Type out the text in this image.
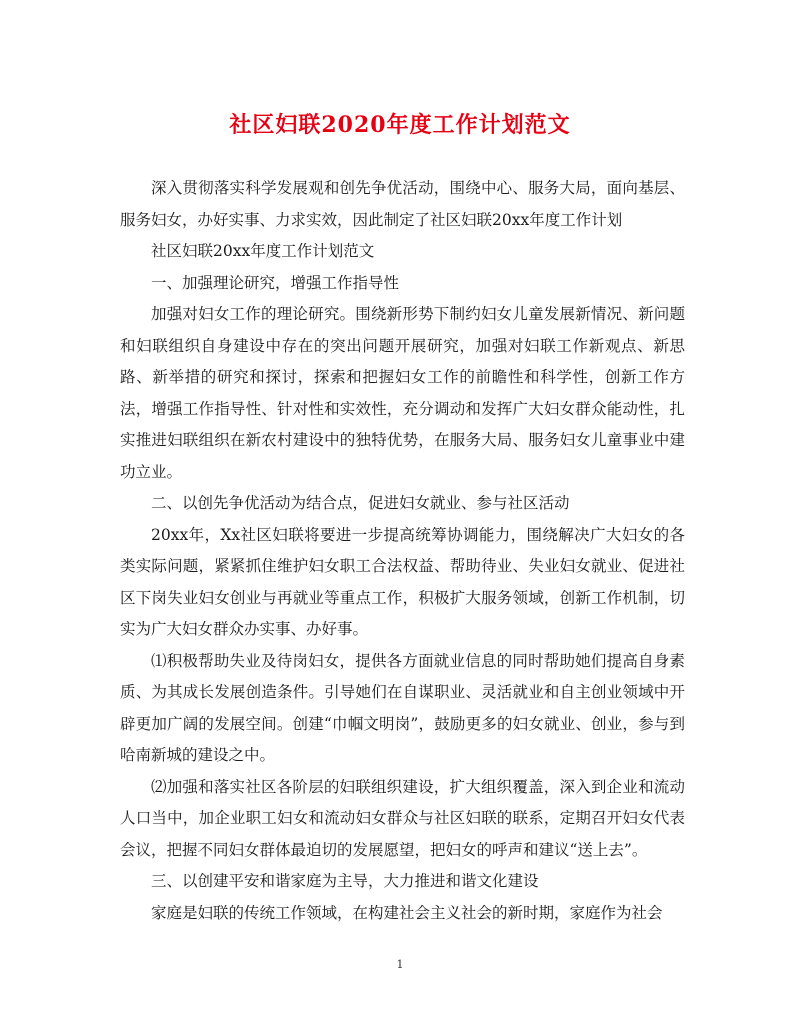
社区妇联2020年度工作计划范文

深入贯彻落实科学发展观和创先争优活动，围绕中心、服务大局，面向基层、服务妇女，办好实事、力求实效，因此制定了社区妇联20xx年度工作计划

社区妇联20xx年度工作计划范文

一、加强理论研究，增强工作指导性

加强对妇女工作的理论研究。围绕新形势下制约妇女儿童发展新情况、新问题和妇联组织自身建设中存在的突出问题开展研究，加强对妇联工作新观点、新思路、新举措的研究和探讨，探索和把握妇女工作的前瞻性和科学性，创新工作方法，增强工作指导性、针对性和实效性，充分调动和发挥广大妇女群众能动性，扎实推进妇联组织在新农村建设中的独特优势，在服务大局、服务妇女儿童事业中建功立业。

二、以创先争优活动为结合点，促进妇女就业、参与社区活动

20xx年，Xx社区妇联将要进一步提高统筹协调能力，围绕解决广大妇女的各类实际问题，紧紧抓住维护妇女职工合法权益、帮助待业、失业妇女就业、促进社区下岗失业妇女创业与再就业等重点工作，积极扩大服务领域，创新工作机制，切实为广大妇女群众办实事、办好事。

⑴积极帮助失业及待岗妇女，提供各方面就业信息的同时帮助她们提高自身素质、为其成长发展创造条件。引导她们在自谋职业、灵活就业和自主创业领域中开辟更加广阔的发展空间。创建“巾帼文明岗”，鼓励更多的妇女就业、创业，参与到哈南新城的建设之中。

⑵加强和落实社区各阶层的妇联组织建设，扩大组织覆盖，深入到企业和流动人口当中，加企业职工妇女和流动妇女群众与社区妇联的联系，定期召开妇女代表会议，把握不同妇女群体最迫切的发展愿望，把妇女的呼声和建议“送上去”。

三、以创建平安和谐家庭为主导，大力推进和谐文化建设

家庭是妇联的传统工作领域，在构建社会主义社会的新时期，家庭作为社会

1
